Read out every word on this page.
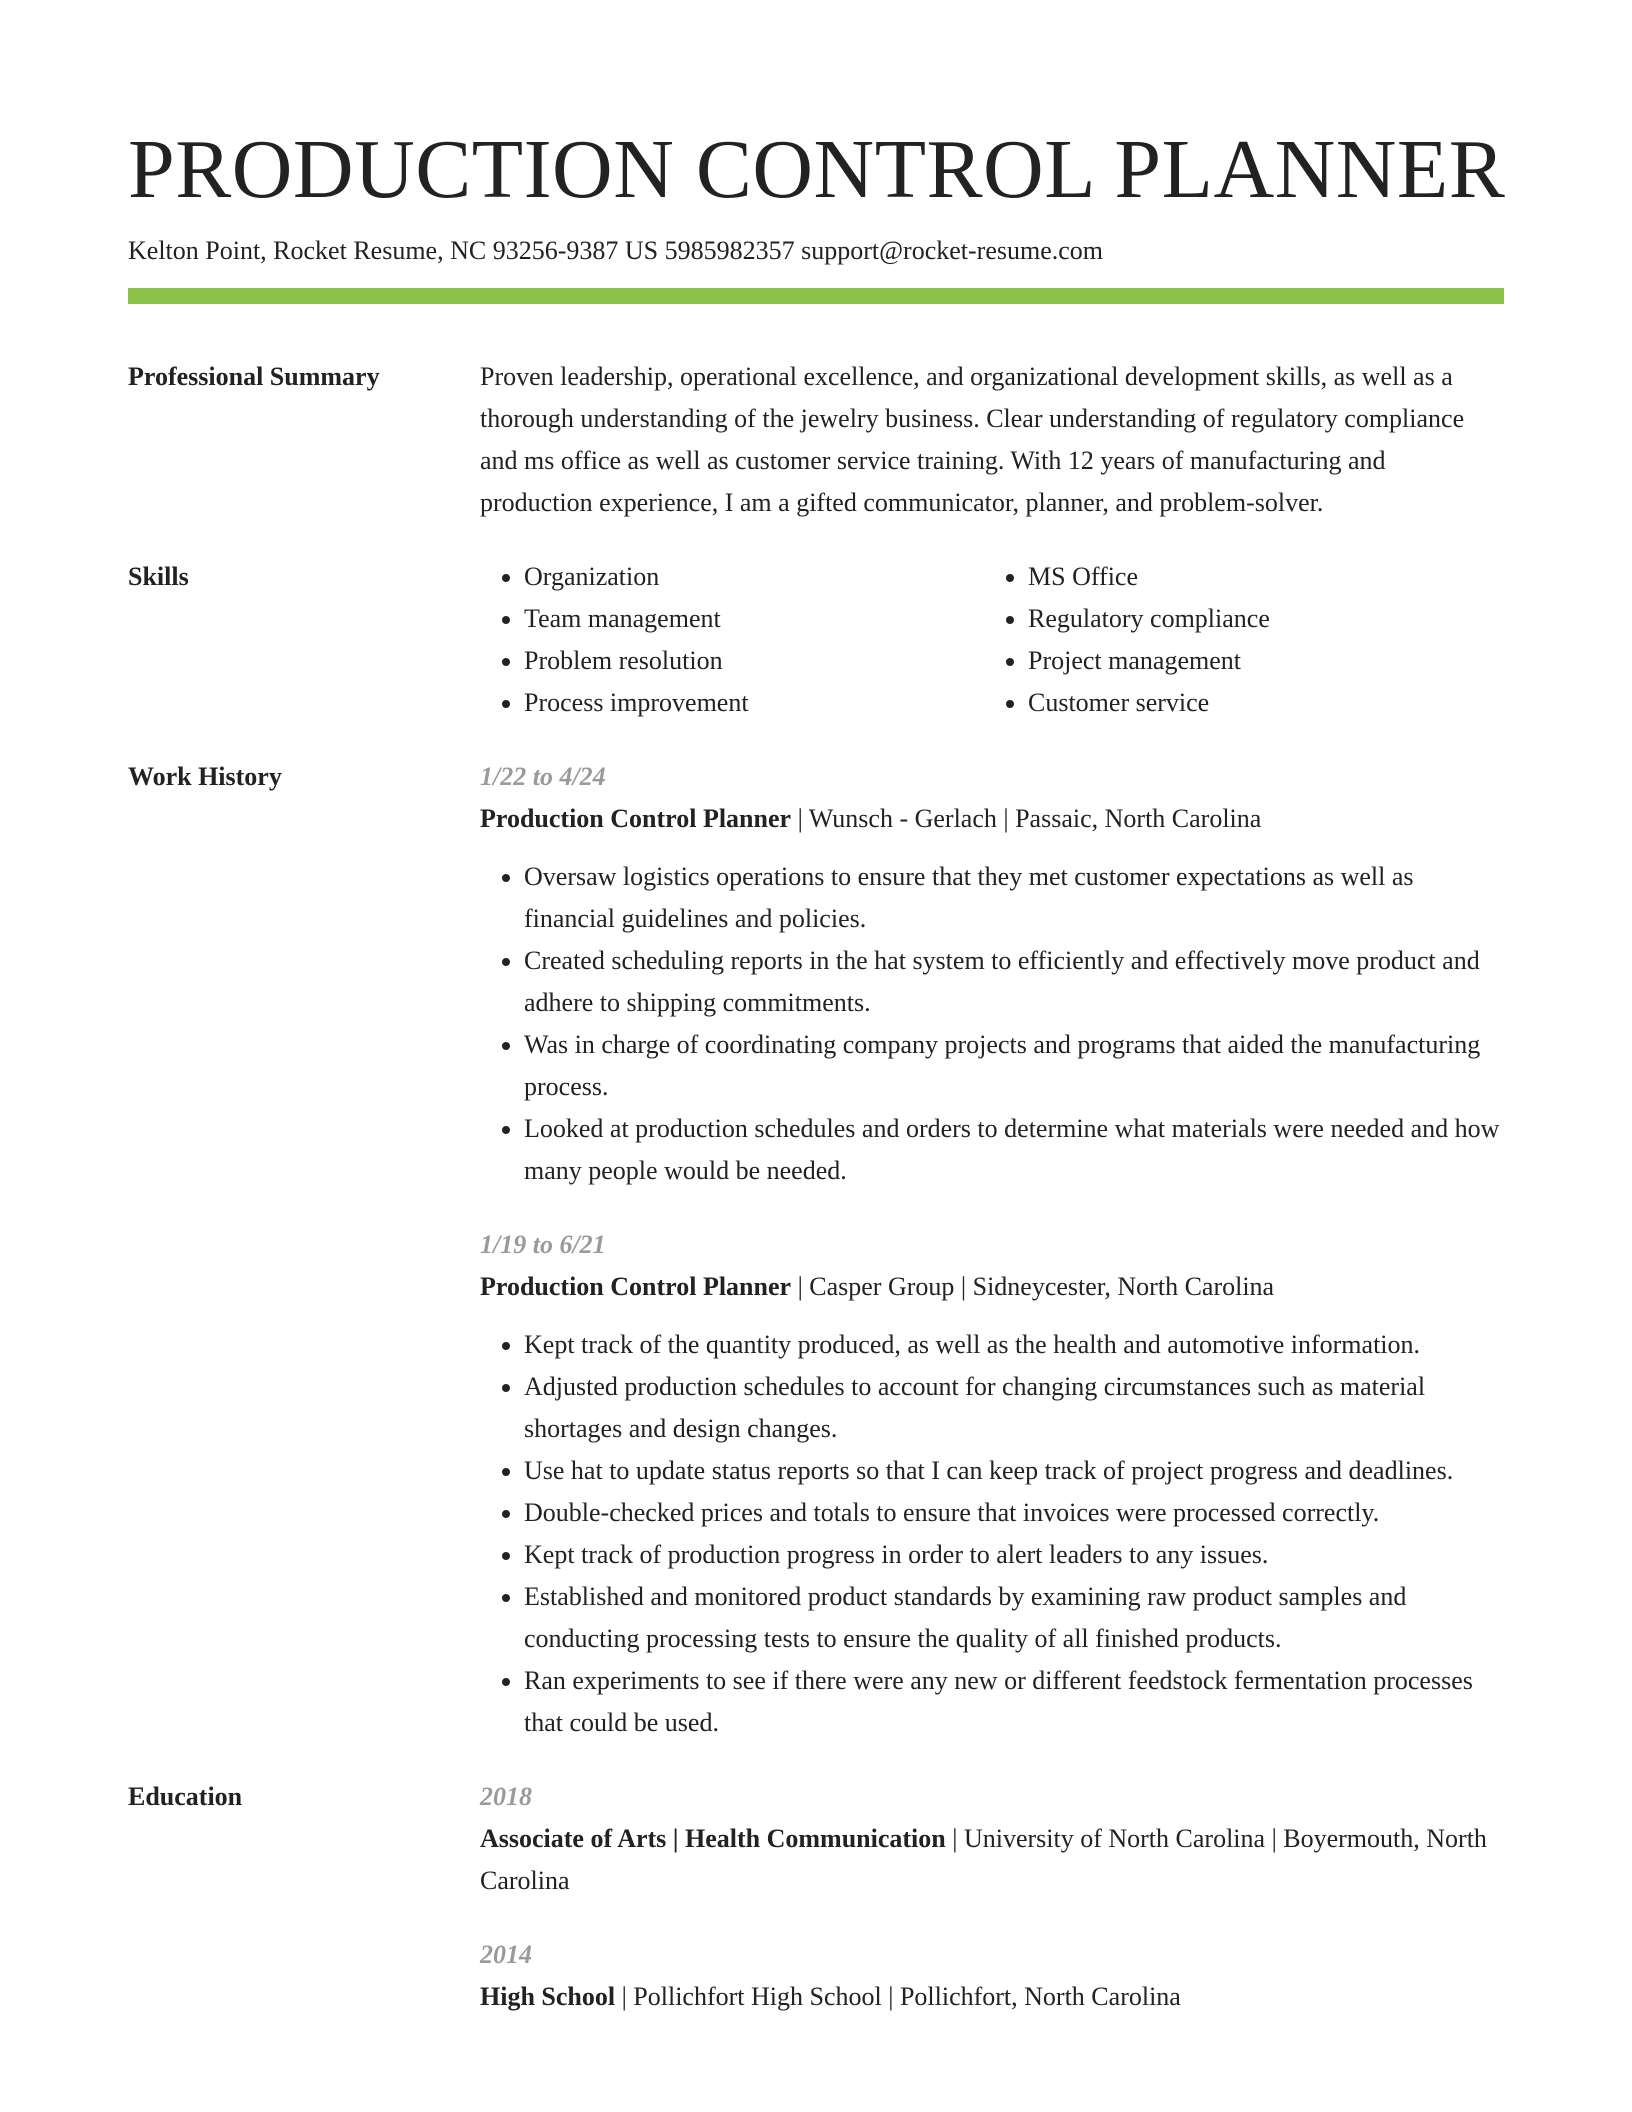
PRODUCTION CONTROL PLANNER
Kelton Point, Rocket Resume, NC 93256-9387 US 5985982357 support@rocket-resume.com
Professional Summary	Proven leadership, operational excellence, and organizational development skills, as well as a thorough understanding of the jewelry business. Clear understanding of regulatory compliance and ms office as well as customer service training. With 12 years of manufacturing and production experience, I am a gifted communicator, planner, and problem-solver.

Skills
•	Organization
• Team management
• Problem resolution
• Process improvement
• MS Office
• Regulatory compliance
• Project management
• Customer service
Work History	1/22 to 4/24
Production Control Planner | Wunsch - Gerlach | Passaic, North Carolina
• Oversaw logistics operations to ensure that they met customer expectations as well as financial guidelines and policies.
• Created scheduling reports in the hat system to efficiently and effectively move product and adhere to shipping commitments.
• Was in charge of coordinating company projects and programs that aided the manufacturing process.
• Looked at production schedules and orders to determine what materials were needed and how many people would be needed.
1/19 to 6/21
Production Control Planner | Casper Group | Sidneycester, North Carolina
• Kept track of the quantity produced, as well as the health and automotive information.
• Adjusted production schedules to account for changing circumstances such as material shortages and design changes.
• Use hat to update status reports so that I can keep track of project progress and deadlines.
• Double-checked prices and totals to ensure that invoices were processed correctly.
• Kept track of production progress in order to alert leaders to any issues.
• Established and monitored product standards by examining raw product samples and conducting processing tests to ensure the quality of all finished products.
• Ran experiments to see if there were any new or different feedstock fermentation processes that could be used.
Education	2018
Associate of Arts | Health Communication | University of North Carolina | Boyermouth, North Carolina
2014
High School | Pollichfort High School | Pollichfort, North Carolina
